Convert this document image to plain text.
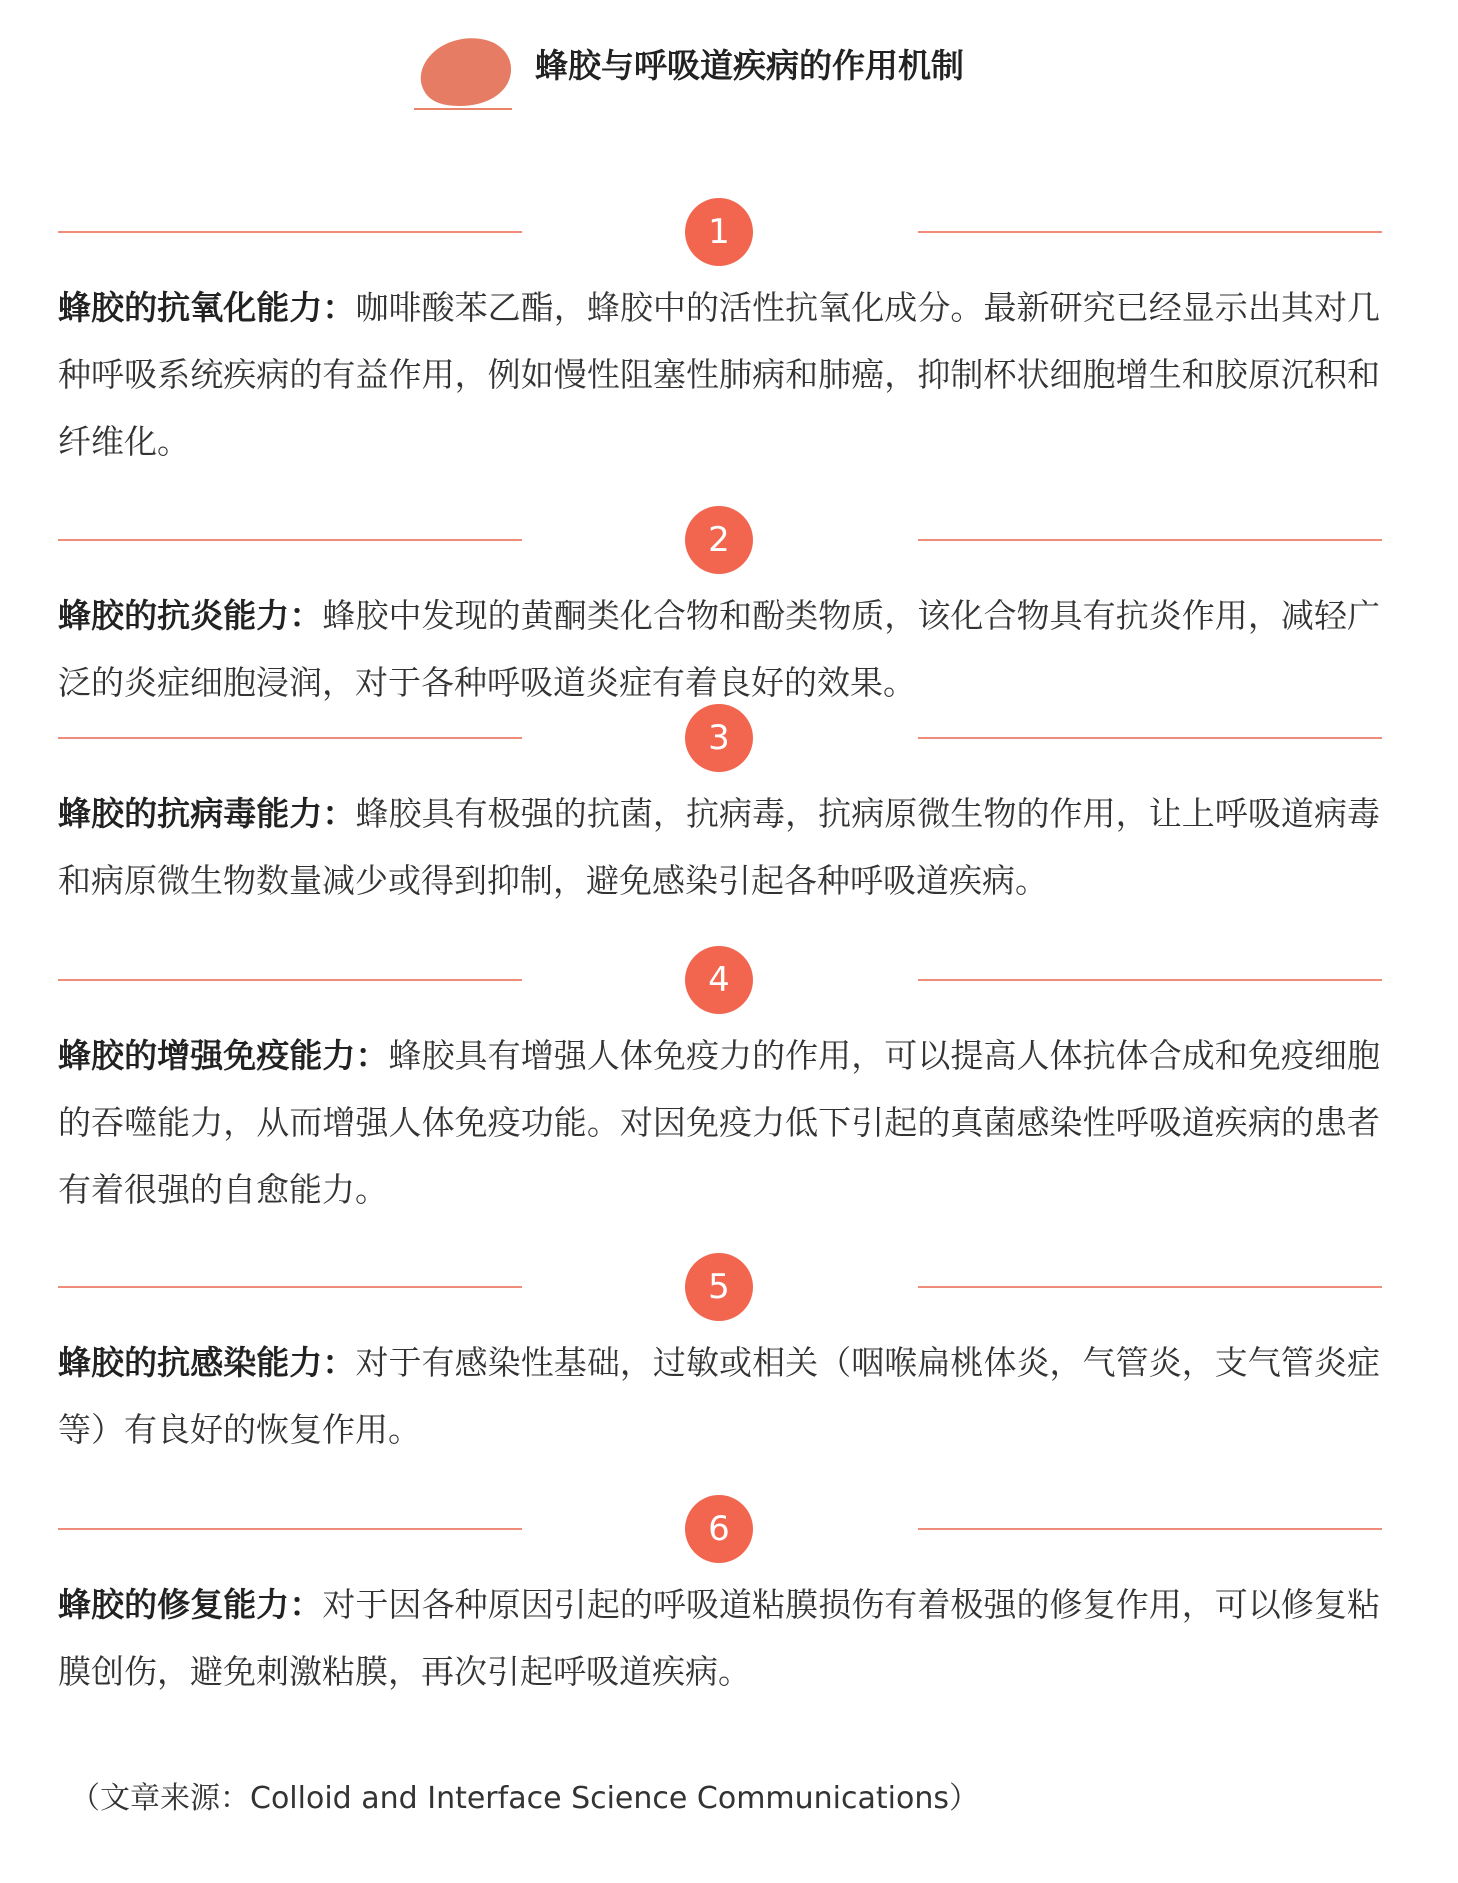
蜂胶与呼吸道疾病的作用机制
1

蜂胶的抗氧化能力：咖啡酸苯乙酯，蜂胶中的活性抗氧化成分。最新研究已经显示出其对几种呼吸系统疾病的有益作用，例如慢性阻塞性肺病和肺癌，抑制杯状细胞增生和胶原沉积和纤维化。

2

蜂胶的抗炎能力：蜂胶中发现的黄酮类化合物和酚类物质，该化合物具有抗炎作用，减轻广泛的炎症细胞浸润，对于各种呼吸道炎症有着良好的效果。

3

蜂胶的抗病毒能力：蜂胶具有极强的抗菌，抗病毒，抗病原微生物的作用，让上呼吸道病毒和病原微生物数量减少或得到抑制，避免感染引起各种呼吸道疾病。

4

蜂胶的增强免疫能力：蜂胶具有增强人体免疫力的作用，可以提高人体抗体合成和免疫细胞的吞噬能力，从而增强人体免疫功能。对因免疫力低下引起的真菌感染性呼吸道疾病的患者有着很强的自愈能力。

5

蜂胶的抗感染能力：对于有感染性基础，过敏或相关（咽喉扁桃体炎，气管炎，支气管炎症等）有良好的恢复作用。

6

蜂胶的修复能力：对于因各种原因引起的呼吸道粘膜损伤有着极强的修复作用，可以修复粘膜创伤，避免刺激粘膜，再次引起呼吸道疾病。

（文章来源：Colloid and Interface Science Communications）
